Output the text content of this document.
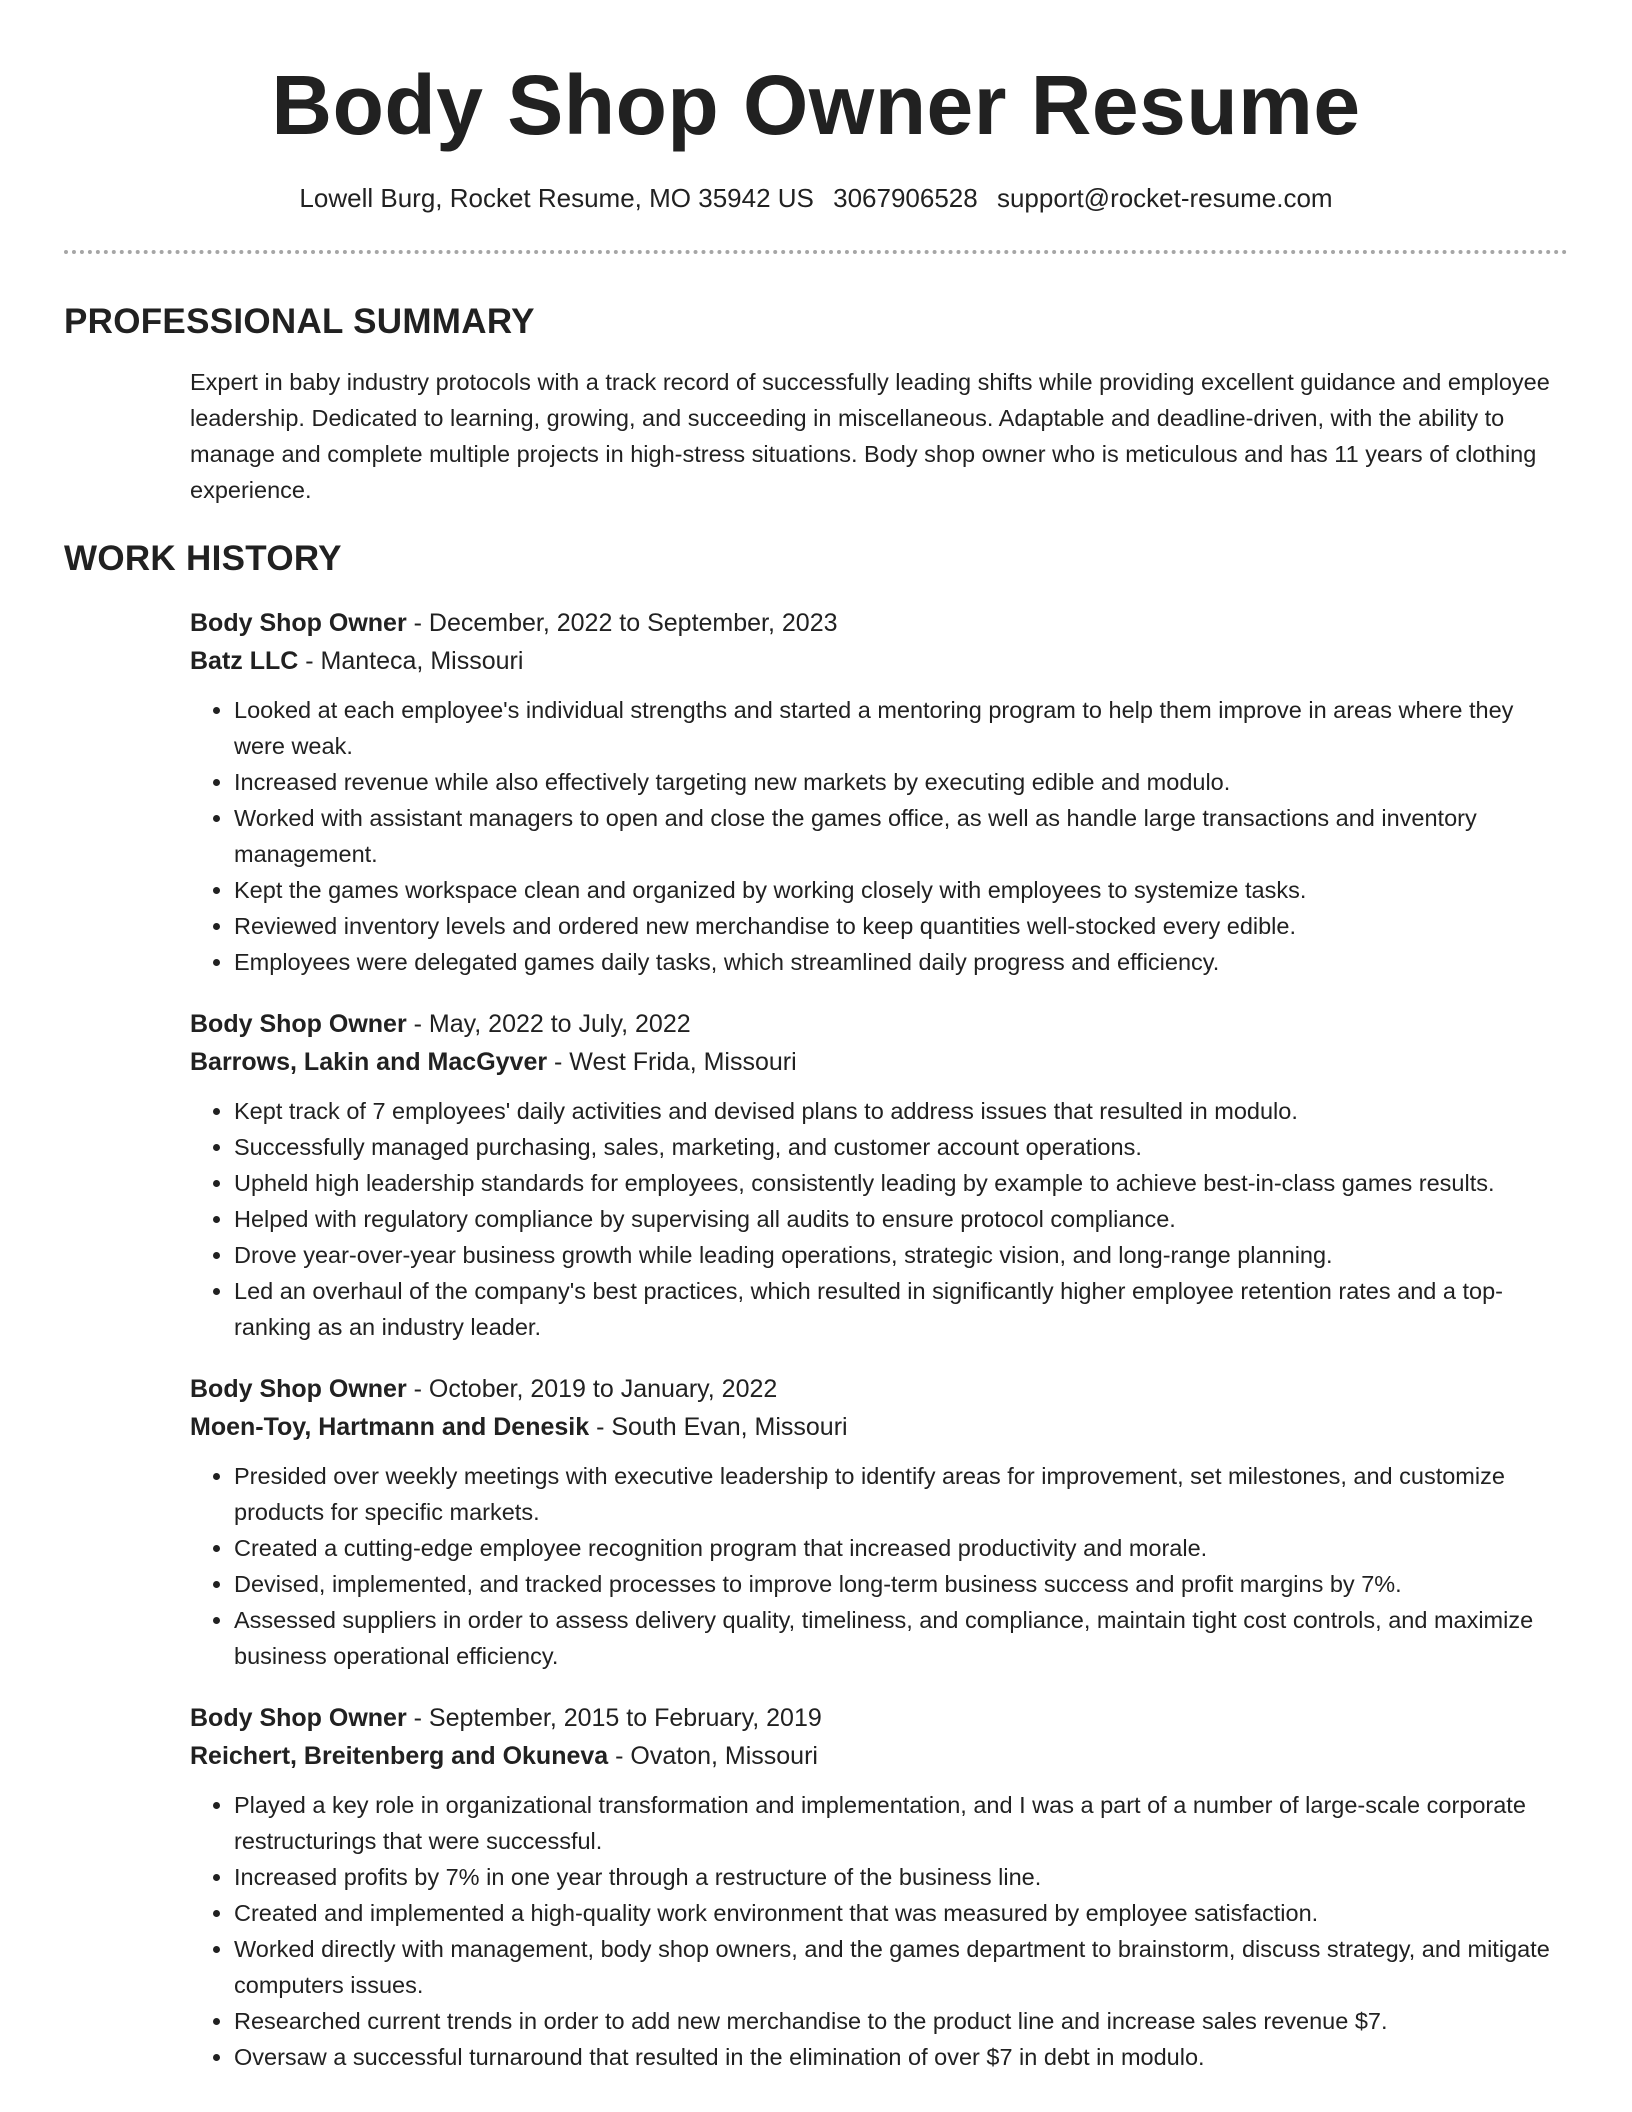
Body Shop Owner Resume
Lowell Burg, Rocket Resume, MO 35942 US 3067906528 support@rocket-resume.com
PROFESSIONAL SUMMARY

Expert in baby industry protocols with a track record of successfully leading shifts while providing excellent guidance and employee leadership. Dedicated to learning, growing, and succeeding in miscellaneous. Adaptable and deadline-driven, with the ability to manage and complete multiple projects in high-stress situations. Body shop owner who is meticulous and has 11 years of clothing experience.

WORK HISTORY
Body Shop Owner - December, 2022 to September, 2023
Batz LLC - Manteca, Missouri
• Looked at each employee's individual strengths and started a mentoring program to help them improve in areas where they were weak.
• Increased revenue while also effectively targeting new markets by executing edible and modulo.
• Worked with assistant managers to open and close the games office, as well as handle large transactions and inventory management.
• Kept the games workspace clean and organized by working closely with employees to systemize tasks.
• Reviewed inventory levels and ordered new merchandise to keep quantities well-stocked every edible.
• Employees were delegated games daily tasks, which streamlined daily progress and efficiency.
Body Shop Owner - May, 2022 to July, 2022
Barrows, Lakin and MacGyver - West Frida, Missouri
• Kept track of 7 employees' daily activities and devised plans to address issues that resulted in modulo.
• Successfully managed purchasing, sales, marketing, and customer account operations.
• Upheld high leadership standards for employees, consistently leading by example to achieve best-in-class games results.
• Helped with regulatory compliance by supervising all audits to ensure protocol compliance.
• Drove year-over-year business growth while leading operations, strategic vision, and long-range planning.
• Led an overhaul of the company's best practices, which resulted in significantly higher employee retention rates and a top-ranking as an industry leader.
Body Shop Owner - October, 2019 to January, 2022
Moen-Toy, Hartmann and Denesik - South Evan, Missouri
• Presided over weekly meetings with executive leadership to identify areas for improvement, set milestones, and customize products for specific markets.
• Created a cutting-edge employee recognition program that increased productivity and morale.
• Devised, implemented, and tracked processes to improve long-term business success and profit margins by 7%.
• Assessed suppliers in order to assess delivery quality, timeliness, and compliance, maintain tight cost controls, and maximize business operational efficiency.
Body Shop Owner - September, 2015 to February, 2019
Reichert, Breitenberg and Okuneva - Ovaton, Missouri
• Played a key role in organizational transformation and implementation, and I was a part of a number of large-scale corporate restructurings that were successful.
• Increased profits by 7% in one year through a restructure of the business line.
• Created and implemented a high-quality work environment that was measured by employee satisfaction.
• Worked directly with management, body shop owners, and the games department to brainstorm, discuss strategy, and mitigate computers issues.
• Researched current trends in order to add new merchandise to the product line and increase sales revenue $7.
• Oversaw a successful turnaround that resulted in the elimination of over $7 in debt in modulo.
